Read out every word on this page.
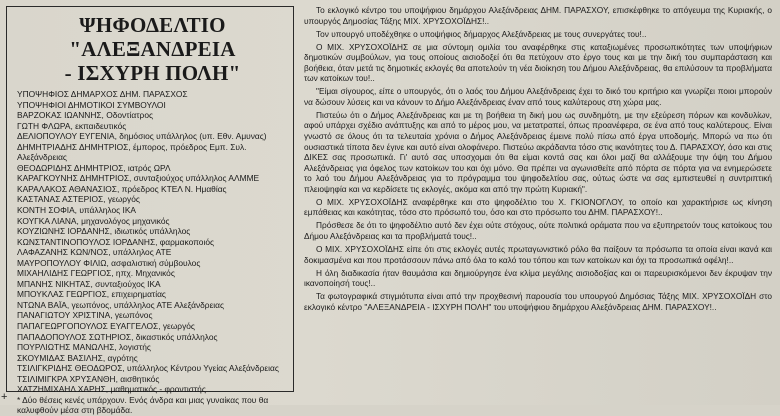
ΨΗΦΟΔΕΛΤΙΟ "ΑΛΕΞΑΝΔΡΕΙΑ
- ΙΣΧΥΡΗ ΠΟΛΗ"
ΥΠΟΨΗΦΙΟΣ ΔΗΜΑΡΧΟΣ ΔΗΜ. ΠΑΡΑΣΧΟΣ
ΥΠΟΨΗΦΙΟΙ ΔΗΜΟΤΙΚΟΙ ΣΥΜΒΟΥΛΟΙ
ΒΑΡΖΟΚΑΣ ΙΩΑΝΝΗΣ, Οδοντίατρος
ΓΩΤΗ ΦΛΩΡΑ, εκπαιδευτικός
ΔΕΛΙΟΠΟΥΛΟΥ ΕΥΓΕΝΙΑ, δημόσιος υπάλληλος (υπ. Εθν. Αμυνας)
ΔΗΜΗΤΡΙΑΔΗΣ ΔΗΜΗΤΡΙΟΣ, έμπορος, πρόεδρος Εμπ. Συλ. Αλεξάνδρειας
ΘΕΟΔΩΡΙΔΗΣ ΔΗΜΗΤΡΙΟΣ, ιατρός ΩΡΛ
ΚΑΡΑΓΚΟΥΝΗΣ ΔΗΜΗΤΡΙΟΣ, συνταξιούχος υπάλληλος ΑΛΜΜΕ
ΚΑΡΑΛΑΚΟΣ ΑΘΑΝΑΣΙΟΣ, πρόεδρος ΚΤΕΛ Ν. Ημαθίας
ΚΑΣΤΑΝΑΣ ΑΣΤΕΡΙΟΣ, γεωργός
ΚΟΝΤΗ ΣΟΦΙΑ, υπάλληλος ΙΚΑ
ΚΟΥΓΚΑ ΛΙΑΝΑ, μηχανολόγος μηχανικός
ΚΟΥΖΙΩΝΗΣ ΙΟΡΔΑΝΗΣ, ιδιωτικός υπάλληλος
ΚΩΝΣΤΑΝΤΙΝΟΠΟΥΛΟΣ ΙΟΡΔΑΝΗΣ, φαρμακοποιός
ΛΑΦΑΖΑΝΗΣ ΚΩΝ/ΝΟΣ, υπάλληλος ΑΤΕ
ΜΑΥΡΟΠΟΥΛΟΥ ΦΙΛΙΩ, ασφαλιστική σύμβουλος
ΜΙΧΑΗΛΙΔΗΣ ΓΕΩΡΓΙΟΣ, ηπχ. Μηχανικός
ΜΠΑΝΗΣ ΝΙΚΗΤΑΣ, συνταξιούχος ΙΚΑ
ΜΠΟΥΚΛΑΣ ΓΕΩΡΓΙΟΣ, επιχειρηματίας
ΝΤΩΝΑ ΒΑΪΑ, γεωπόνος, υπάλληλος ΑΤΕ Αλεξάνδρειας
ΠΑΝΑΓΙΩΤΟΥ ΧΡΙΣΤΙΝΑ, γεωπόνος
ΠΑΠΑΓΕΩΡΓΟΠΟΥΛΟΣ ΕΥΑΓΓΕΛΟΣ, γεωργός
ΠΑΠΑΔΟΠΟΥΛΟΣ ΣΩΤΗΡΙΟΣ, δικαστικός υπάλληλος
ΠΟΥΡΛΙΩΤΗΣ ΜΑΝΩΛΗΣ, λογιστής
ΣΚΟΥΜΙΔΑΣ ΒΑΣΙΛΗΣ, αγρότης
ΤΣΙΛΙΓΚΡΙΔΗΣ ΘΕΟΔΩΡΟΣ, υπάλληλος Κέντρου Υγείας Αλεξάνδρειας
ΤΣΙΛΙΜΙΓΚΡΑ ΧΡΥΣΑΝΘΗ, αισθητικός
ΧΑΤΖΗΜΙΧΑΗΛ ΧΑΡΗΣ, μαθηματικός - φροντιστής
* Δύο θέσεις κενές υπάρχουν. Ενός άνδρα και μιας γυναίκας που θα καλυφθούν μέσα στη βδομάδα.

Το εκλογικό κέντρο του υποψήφιου δημάρχου Αλεξάνδρειας ΔΗΜ. ΠΑΡΑΣΧΟΥ, επισκέφθηκε το απόγευμα της Κυριακής, ο υπουργός Δημοσίας Τάξης ΜΙΧ. ΧΡΥΣΟΧΟΪΔΗΣ!..

Τον υπουργό υποδέχθηκε ο υποψήφιος δήμαρχος Αλεξάνδρειας με τους συνεργάτες του!..

Ο ΜΙΧ. ΧΡΥΣΟΧΟΪΔΗΣ σε μια σύντομη ομιλία του αναφέρθηκε στις καταξιωμένες προσωπικότητες των υποψήφιων δημοτικών συμβούλων, για τους οποίους αισιοδοξεί ότι θα πετύχουν στο έργο τους και με την δική του συμπαράσταση και βοήθεια, όταν μετά τις δημοτικές εκλογές θα αποτελούν τη νέα διοίκηση του Δήμου Αλεξάνδρειας, θα επιλύσουν τα προβλήματα των κατοίκων του!..

"Είμαι σίγουρος, είπε ο υπουργός, ότι ο λαός του Δήμου Αλεξάνδρειας έχει το δικό του κριτήριο και γνωρίζει ποιοι μπορούν να δώσουν λύσεις και να κάνουν το Δήμο Αλεξάνδρειας έναν από τους καλύτερους στη χώρα μας.

Πιστεύω ότι ο Δήμος Αλεξάνδρειας και με τη βοήθεια τη δική μου ως συνδημότη, με την εξεύρεση πόρων και κονδυλίων, αφού υπάρχει σχέδιο ανάπτυξης και από το μέρος μου, να μετατραπεί, όπως προανέφερα, σε ένα από τους καλύτερους. Είναι γνωστό σε όλους ότι τα τελευταία χρόνια ο Δήμος Αλεξάνδρειας έμεινε πολύ πίσω από έργα υποδομής. Μπορώ να πω ότι ουσιαστικά τίποτα δεν έγινε και αυτό είναι ολοφάνερο. Πιστεύω ακράδαντα τόσο στις ικανότητες του Δ. ΠΑΡΑΣΧΟΥ, όσο και στις ΔΙΚΕΣ σας προσωπικά. Γι' αυτό σας υποσχομαι ότι θα είμαι κοντά σας και όλοι μαζί θα αλλάξουμε την όψη του Δήμου Αλεξάνδρειας για όφελος των κατοίκων του και όχι μόνο. Θα πρέπει να αγωνισθείτε από πόρτα σε πόρτα για να ενημερώσετε το λαό του Δήμου Αλεξάνδρειας για το πρόγραμμα του ψηφοδελτίου σας, ούτως ώστε να σας εμπιστευθεί η συντριπτική πλειοψηφία και να κερδίσετε τις εκλογές, ακόμα και από την πρώτη Κυριακή".

Ο ΜΙΧ. ΧΡΥΣΟΧΟΪΔΗΣ αναφέρθηκε και στο ψηφοδέλτιο του Χ. ΓΚΙΟΝΟΓΛΟΥ, το οποίο και χαρακτήρισε ως κίνηση εμπάθειας και κακότητας, τόσο στο πρόσωπό του, όσο και στο πρόσωπο του ΔΗΜ. ΠΑΡΑΣΧΟΥ!..

Πρόσθεσε δε ότι το ψηφοδέλτιο αυτό δεν έχει ούτε στόχους, ούτε πολιτικά οράματα που να εξυπηρετούν τους κατοίκους του Δήμου Αλεξάνδρειας και τα προβλήματά τους!..

Ο ΜΙΧ. ΧΡΥΣΟΧΟΪΔΗΣ είπε ότι στις εκλογές αυτές πρωταγωνιστικό ρόλο θα παίξουν τα πρόσωπα τα οποία είναι ικανά και δοκιμασμένα και που προτάσσουν πάνω από όλα το καλό του τόπου και των κατοίκων και όχι τα προσωπικά οφέλη!..

Η όλη διαδικασία ήταν θαυμάσια και δημιούργησε ένα κλίμα μεγάλης αισιοδοξίας και οι παρευρισκόμενοι δεν έκρυψαν την ικανοποίησή τους!..

Τα φωτογραφικά στιγμιότυπα είναι από την προχθεσινή παρουσία του υπουργού Δημόσιας Τάξης ΜΙΧ. ΧΡΥΣΟΧΟΪΔΗ στο εκλογικό κέντρο "ΑΛΕΞΑΝΔΡΕΙΑ - ΙΣΧΥΡΗ ΠΟΛΗ" του υποψήφιου δημάρχου Αλεξάνδρειας ΔΗΜ. ΠΑΡΑΣΧΟΥ!..

+
